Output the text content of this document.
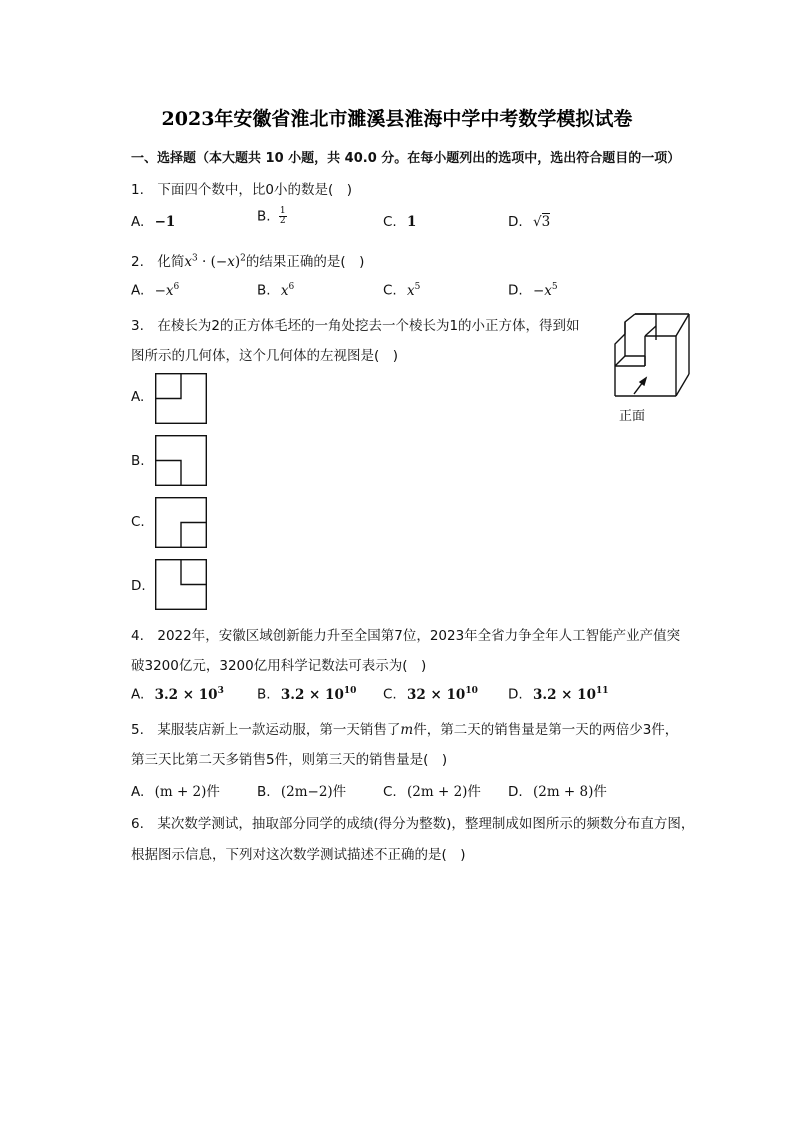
2023年安徽省淮北市濉溪县淮海中学中考数学模拟试卷
一、选择题（本大题共 10 小题，共 40.0 分。在每小题列出的选项中，选出符合题目的一项）
1.　下面四个数中，比0小的数是(　)
A. −1	B. $\frac{1}{2}$	C. 1	D. √3
2.　化简$x^3 \cdot (-x)^2$的结果正确的是(　)
A. $-x^6$	B. $x^6$	C. $x^5$	D. $-x^5$
3.　在棱长为2的正方体毛坯的一角处挖去一个棱长为1的小正方体，得到如
图所示的几何体，这个几何体的左视图是(　)
正面
A.
B.
C.
D.
4.　2022年，安徽区域创新能力升至全国第7位，2023年全省力争全年人工智能产业产值突
破3200亿元，3200亿用科学记数法可表示为(　)
A. $3.2 \times 10^3$ B. $3.2 \times 10^{10}$ C. $32 \times 10^{10}$ D. $3.2 \times 10^{11}$
5.　某服装店新上一款运动服，第一天销售了m件，第二天的销售量是第一天的两倍少3件，
第三天比第二天多销售5件，则第三天的销售量是(　)
A. (m + 2)件	B. (2m−2)件	C. (2m + 2)件 D. (2m + 8)件
6.　某次数学测试，抽取部分同学的成绩(得分为整数)，整理制成如图所示的频数分布直方图，
根据图示信息，下列对这次数学测试描述不正确的是(　)
